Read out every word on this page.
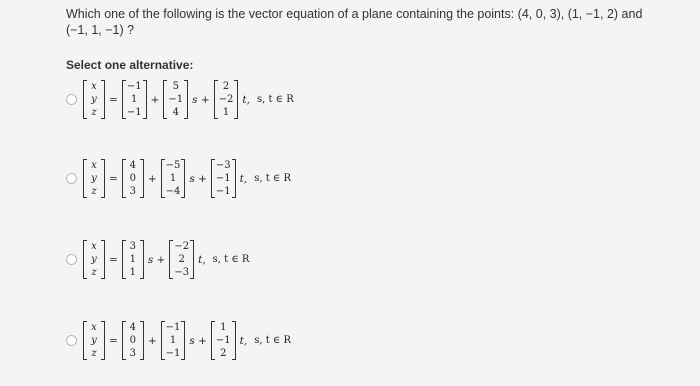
Which one of the following is the vector equation of a plane containing the points: (4, 0, 3), (1, −1, 2) and (−1, 1, −1) ?
Select one alternative:
x
y
z
=
−1
1
−1
+
5
−1
4
s +
2
−2
1
t, s, t ∈ R
x
y
z
=
4
0
3
+
−5
1
−4
s +
−3
−1
−1
t, s, t ∈ R
x
y
z
=
3
1
1
s +
−2
2
−3
t, s, t ∈ R
x
y
z
=
4
0
3
+
−1
1
−1
s +
1
−1
2
t, s, t ∈ R
